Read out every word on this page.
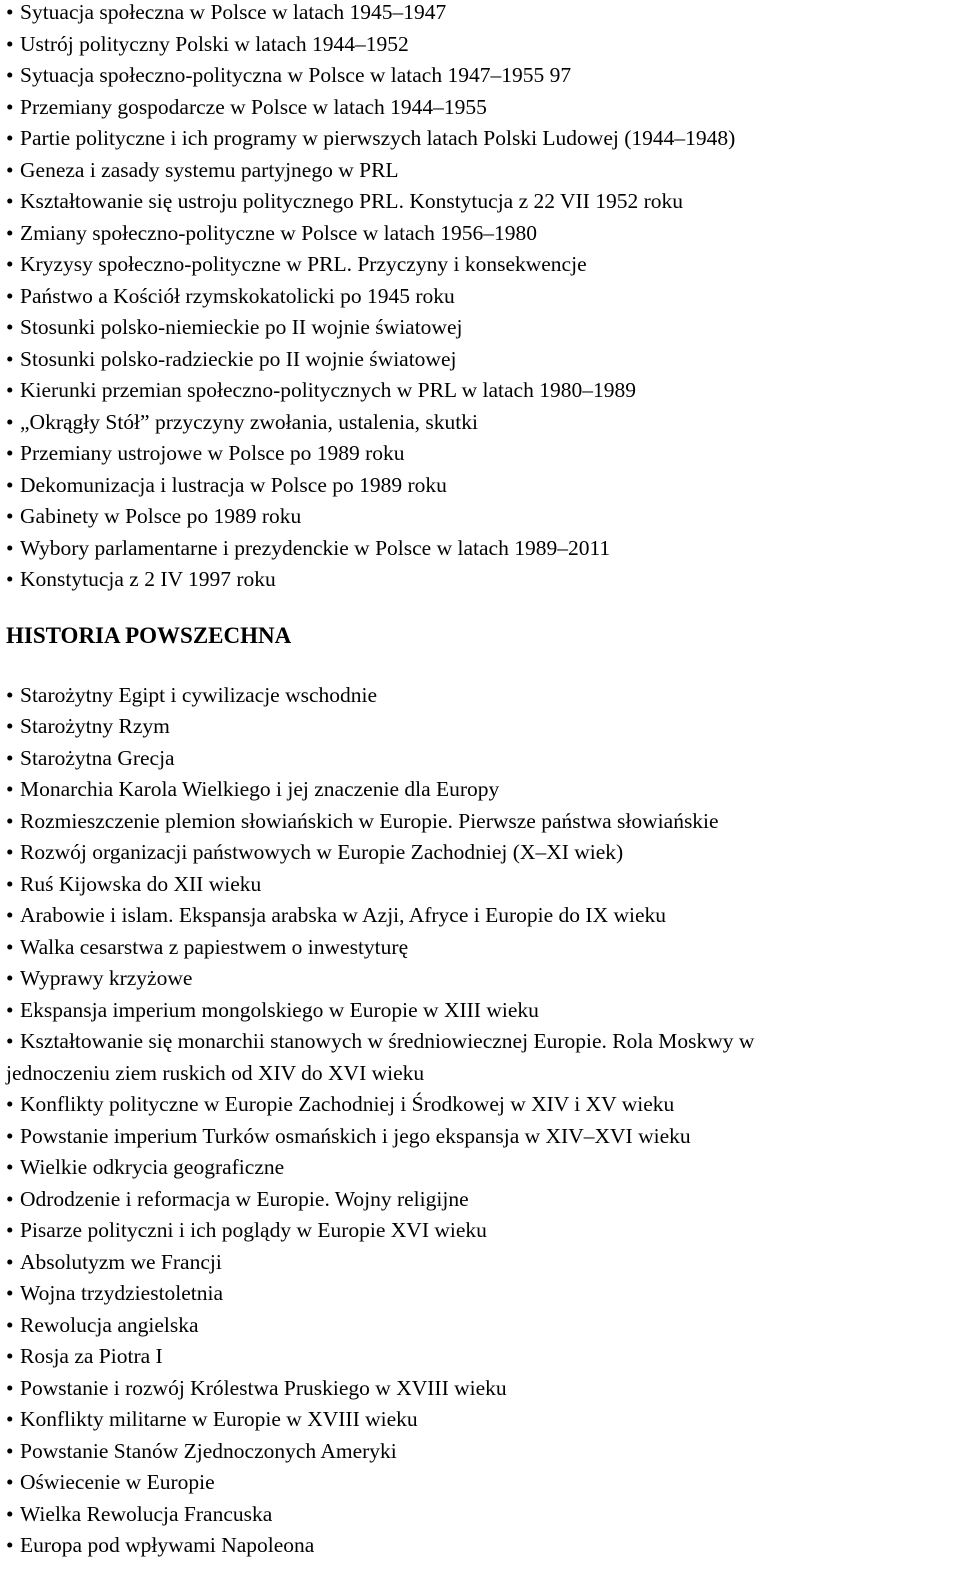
• Sytuacja społeczna w Polsce w latach 1945–1947
• Ustrój polityczny Polski w latach 1944–1952
• Sytuacja społeczno-polityczna w Polsce w latach 1947–1955 97
• Przemiany gospodarcze w Polsce w latach 1944–1955
• Partie polityczne i ich programy w pierwszych latach Polski Ludowej (1944–1948)
• Geneza i zasady systemu partyjnego w PRL
• Kształtowanie się ustroju politycznego PRL. Konstytucja z 22 VII 1952 roku
• Zmiany społeczno-polityczne w Polsce w latach 1956–1980
• Kryzysy społeczno-polityczne w PRL. Przyczyny i konsekwencje
• Państwo a Kościół rzymskokatolicki po 1945 roku
• Stosunki polsko-niemieckie po II wojnie światowej
• Stosunki polsko-radzieckie po II wojnie światowej
• Kierunki przemian społeczno-politycznych w PRL w latach 1980–1989
• „Okrągły Stół” przyczyny zwołania, ustalenia, skutki
• Przemiany ustrojowe w Polsce po 1989 roku
• Dekomunizacja i lustracja w Polsce po 1989 roku
• Gabinety w Polsce po 1989 roku
• Wybory parlamentarne i prezydenckie w Polsce w latach 1989–2011
• Konstytucja z 2 IV 1997 roku
HISTORIA POWSZECHNA
• Starożytny Egipt i cywilizacje wschodnie
• Starożytny Rzym
• Starożytna Grecja
• Monarchia Karola Wielkiego i jej znaczenie dla Europy
• Rozmieszczenie plemion słowiańskich w Europie. Pierwsze państwa słowiańskie
• Rozwój organizacji państwowych w Europie Zachodniej (X–XI wiek)
• Ruś Kijowska do XII wieku
• Arabowie i islam. Ekspansja arabska w Azji, Afryce i Europie do IX wieku
• Walka cesarstwa z papiestwem o inwestyturę
• Wyprawy krzyżowe
• Ekspansja imperium mongolskiego w Europie w XIII wieku
• Kształtowanie się monarchii stanowych w średniowiecznej Europie. Rola Moskwy w
jednoczeniu ziem ruskich od XIV do XVI wieku
• Konflikty polityczne w Europie Zachodniej i Środkowej w XIV i XV wieku
• Powstanie imperium Turków osmańskich i jego ekspansja w XIV–XVI wieku
• Wielkie odkrycia geograficzne
• Odrodzenie i reformacja w Europie. Wojny religijne
• Pisarze polityczni i ich poglądy w Europie XVI wieku
• Absolutyzm we Francji
• Wojna trzydziestoletnia
• Rewolucja angielska
• Rosja za Piotra I
• Powstanie i rozwój Królestwa Pruskiego w XVIII wieku
• Konflikty militarne w Europie w XVIII wieku
• Powstanie Stanów Zjednoczonych Ameryki
• Oświecenie w Europie
• Wielka Rewolucja Francuska
• Europa pod wpływami Napoleona
